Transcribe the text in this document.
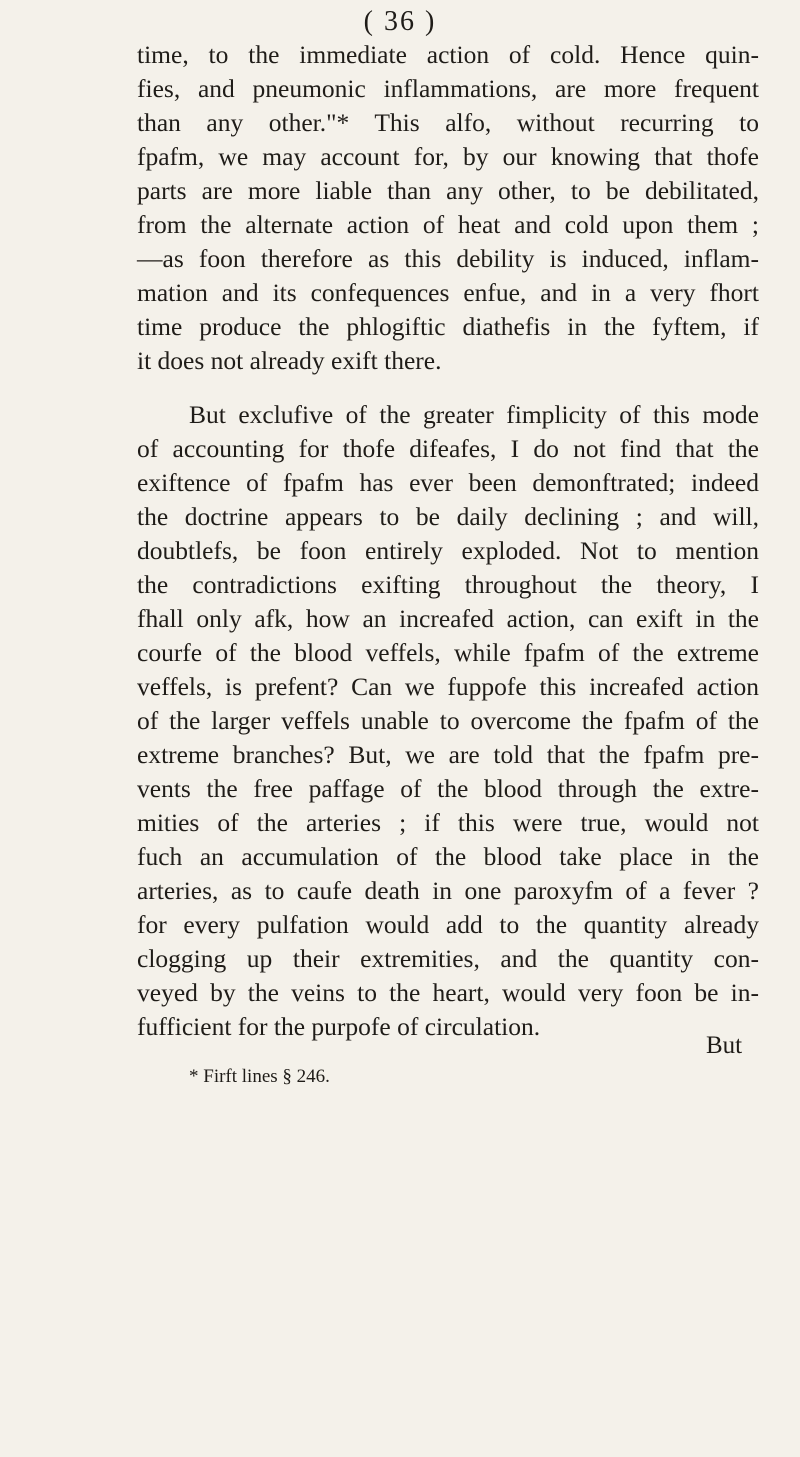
( 36 )
time, to the immediate action of cold. Hence quin-
fies, and pneumonic inflammations, are more frequent
than any other."* This alfo, without recurring to
fpafm, we may account for, by our knowing that thofe
parts are more liable than any other, to be debilitated,
from the alternate action of heat and cold upon them ;
—as foon therefore as this debility is induced, inflam-
mation and its confequences enfue, and in a very fhort
time produce the phlogiftic diathefis in the fyftem, if
it does not already exift there.
But exclufive of the greater fimplicity of this mode
of accounting for thofe difeafes, I do not find that the
exiftence of fpafm has ever been demonftrated; indeed
the doctrine appears to be daily declining ; and will,
doubtlefs, be foon entirely exploded. Not to mention
the contradictions exifting throughout the theory, I
fhall only afk, how an increafed action, can exift in the
courfe of the blood veffels, while fpafm of the extreme
veffels, is prefent? Can we fuppofe this increafed action
of the larger veffels unable to overcome the fpafm of the
extreme branches? But, we are told that the fpafm pre-
vents the free paffage of the blood through the extre-
mities of the arteries ; if this were true, would not
fuch an accumulation of the blood take place in the
arteries, as to caufe death in one paroxyfm of a fever ?
for every pulfation would add to the quantity already
clogging up their extremities, and the quantity con-
veyed by the veins to the heart, would very foon be in-
fufficient for the purpofe of circulation.
But
* Firft lines § 246.
